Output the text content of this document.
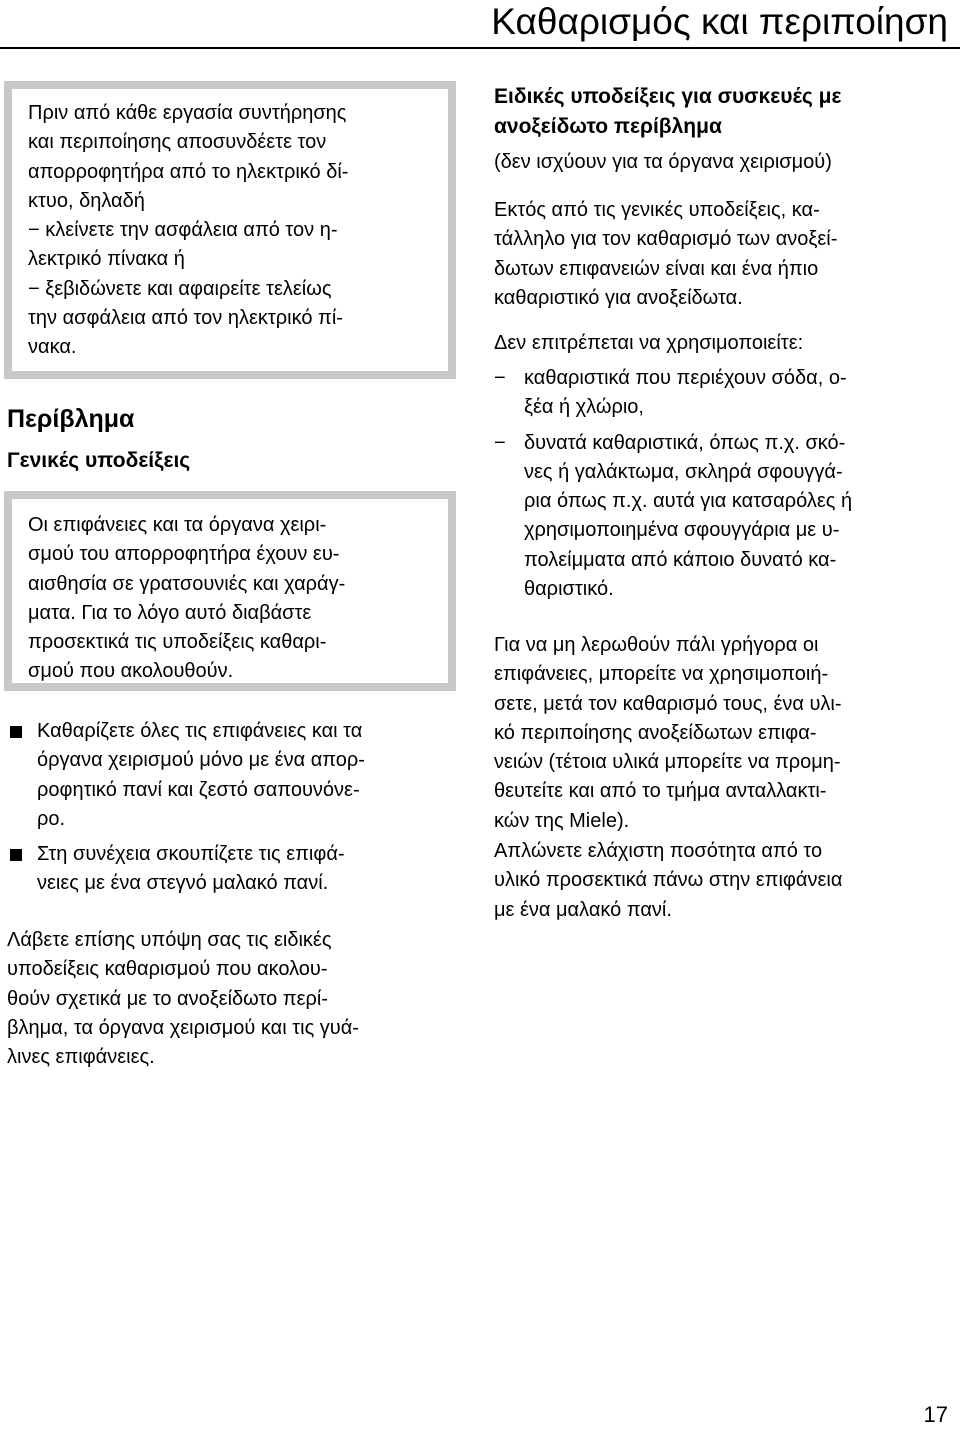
Καθαρισμός και περιποίηση
Πριν από κάθε εργασία συντήρησης
και περιποίησης αποσυνδέετε τον
απορροφητήρα από το ηλεκτρικό δί-
κτυο, δηλαδή
− κλείνετε την ασφάλεια από τον η-
λεκτρικό πίνακα ή
− ξεβιδώνετε και αφαιρείτε τελείως
την ασφάλεια από τον ηλεκτρικό πί-
νακα.
Περίβλημα
Γενικές υποδείξεις
Οι επιφάνειες και τα όργανα χειρι-
σμού του απορροφητήρα έχουν ευ-
αισθησία σε γρατσουνιές και χαράγ-
ματα. Για το λόγο αυτό διαβάστε
προσεκτικά τις υποδείξεις καθαρι-
σμού που ακολουθούν.
Καθαρίζετε όλες τις επιφάνειες και τα
όργανα χειρισμού μόνο με ένα απορ-
ροφητικό πανί και ζεστό σαπουνόνε-
ρο.
Στη συνέχεια σκουπίζετε τις επιφά-
νειες με ένα στεγνό μαλακό πανί.
Λάβετε επίσης υπόψη σας τις ειδικές
υποδείξεις καθαρισμού που ακολου-
θούν σχετικά με το ανοξείδωτο περί-
βλημα, τα όργανα χειρισμού και τις γυά-
λινες επιφάνειες.
Ειδικές υποδείξεις για συσκευές με
ανοξείδωτο περίβλημα
(δεν ισχύουν για τα όργανα χειρισμού)
Εκτός από τις γενικές υποδείξεις, κα-
τάλληλο για τον καθαρισμό των ανοξεί-
δωτων επιφανειών είναι και ένα ήπιο
καθαριστικό για ανοξείδωτα.
Δεν επιτρέπεται να χρησιμοποιείτε:
− καθαριστικά που περιέχουν σόδα, ο-
ξέα ή χλώριο,
− δυνατά καθαριστικά, όπως π.χ. σκό-
νες ή γαλάκτωμα, σκληρά σφουγγά-
ρια όπως π.χ. αυτά για κατσαρόλες ή
χρησιμοποιημένα σφουγγάρια με υ-
πολείμματα από κάποιο δυνατό κα-
θαριστικό.
Για να μη λερωθούν πάλι γρήγορα οι
επιφάνειες, μπορείτε να χρησιμοποιή-
σετε, μετά τον καθαρισμό τους, ένα υλι-
κό περιποίησης ανοξείδωτων επιφα-
νειών (τέτοια υλικά μπορείτε να προμη-
θευτείτε και από το τμήμα ανταλλακτι-
κών της Miele).
Απλώνετε ελάχιστη ποσότητα από το
υλικό προσεκτικά πάνω στην επιφάνεια
με ένα μαλακό πανί.
17
